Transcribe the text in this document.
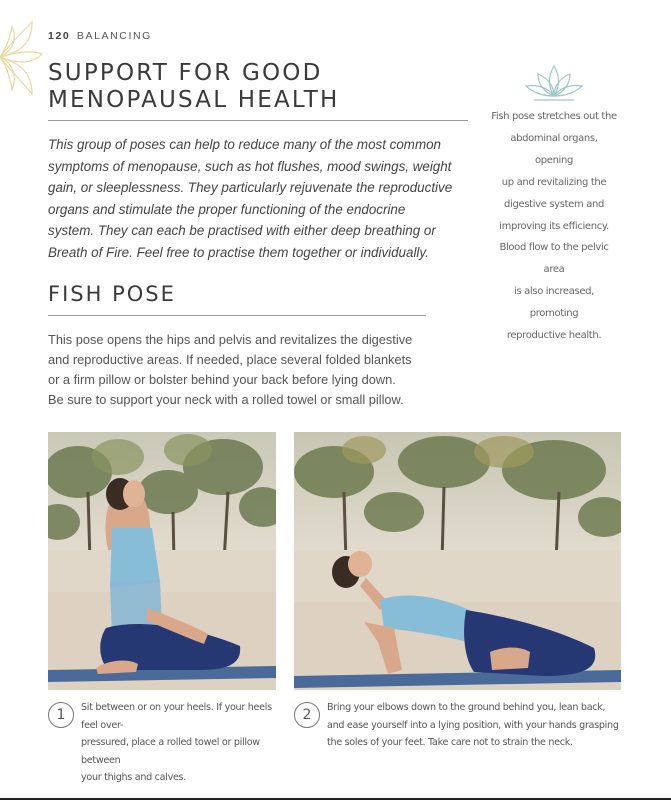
120 BALANCING
SUPPORT FOR GOOD
MENOPAUSAL HEALTH
This group of poses can help to reduce many of the most common
symptoms of menopause, such as hot flushes, mood swings, weight
gain, or sleeplessness. They particularly rejuvenate the reproductive
organs and stimulate the proper functioning of the endocrine
system. They can each be practised with either deep breathing or
Breath of Fire. Feel free to practise them together or individually.
Fish pose stretches out the
abdominal organs, opening
up and revitalizing the
digestive system and
improving its efficiency.
Blood flow to the pelvic area
is also increased, promoting
reproductive health.
FISH POSE
This pose opens the hips and pelvis and revitalizes the digestive
and reproductive areas. If needed, place several folded blankets
or a firm pillow or bolster behind your back before lying down.
Be sure to support your neck with a rolled towel or small pillow.
1	Sit between or on your heels. If your heels feel over-
pressured, place a rolled towel or pillow between
your thighs and calves.
2	Bring your elbows down to the ground behind you, lean back,
and ease yourself into a lying position, with your hands grasping
the soles of your feet. Take care not to strain the neck.
